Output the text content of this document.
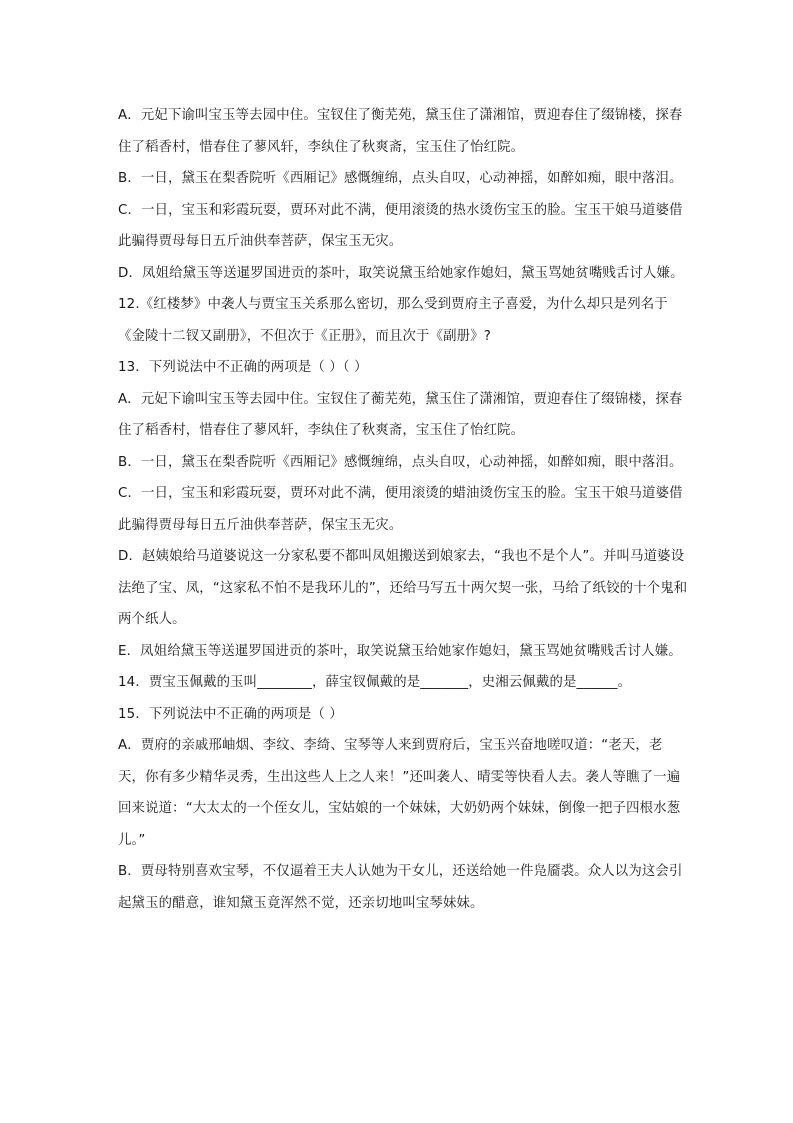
A．元妃下谕叫宝玉等去园中住。宝钗住了衡芜苑，黛玉住了潇湘馆，贾迎春住了缀锦楼，探春住了稻香村，惜春住了蓼风轩，李纨住了秋爽斋，宝玉住了怡红院。

B．一日，黛玉在梨香院听《西厢记》感慨缠绵，点头自叹，心动神摇，如醉如痴，眼中落泪。

C．一日，宝玉和彩霞玩耍，贾环对此不满，便用滚烫的热水烫伤宝玉的脸。宝玉干娘马道婆借此骗得贾母每日五斤油供奉菩萨，保宝玉无灾。

D．凤姐给黛玉等送暹罗国进贡的茶叶，取笑说黛玉给她家作媳妇，黛玉骂她贫嘴贱舌讨人嫌。

12.《红楼梦》中袭人与贾宝玉关系那么密切，那么受到贾府主子喜爱，为什么却只是列名于《金陵十二钗又副册》，不但次于《正册》，而且次于《副册》?

13．下列说法中不正确的两项是（ ）（ ）

A．元妃下谕叫宝玉等去园中住。宝钗住了蘅芜苑，黛玉住了潇湘馆，贾迎春住了缀锦楼，探春住了稻香村，惜春住了蓼风轩，李纨住了秋爽斋，宝玉住了怡红院。

B．一日，黛玉在梨香院听《西厢记》感慨缠绵，点头自叹，心动神摇，如醉如痴，眼中落泪。

C．一日，宝玉和彩霞玩耍，贾环对此不满，便用滚烫的蜡油烫伤宝玉的脸。宝玉干娘马道婆借此骗得贾母每日五斤油供奉菩萨，保宝玉无灾。

D．赵姨娘给马道婆说这一分家私要不都叫凤姐搬送到娘家去，“我也不是个人”。并叫马道婆设法绝了宝、凤，“这家私不怕不是我环儿的”，还给马写五十两欠契一张，马给了纸铰的十个鬼和两个纸人。

E．凤姐给黛玉等送暹罗国进贡的茶叶，取笑说黛玉给她家作媳妇，黛玉骂她贫嘴贱舌讨人嫌。

14．贾宝玉佩戴的玉叫________，薛宝钗佩戴的是_______，史湘云佩戴的是______。

15．下列说法中不正确的两项是（ ）

A．贾府的亲戚邢岫烟、李纹、李绮、宝琴等人来到贾府后，宝玉兴奋地嗟叹道：“老天，老天，你有多少精华灵秀，生出这些人上之人来！”还叫袭人、晴雯等快看人去。袭人等瞧了一遍回来说道：“大太太的一个侄女儿，宝姑娘的一个妹妹，大奶奶两个妹妹，倒像一把子四根水葱儿。”

B．贾母特别喜欢宝琴，不仅逼着王夫人认她为干女儿，还送给她一件凫靥裘。众人以为这会引起黛玉的醋意，谁知黛玉竟浑然不觉，还亲切地叫宝琴妹妹。
